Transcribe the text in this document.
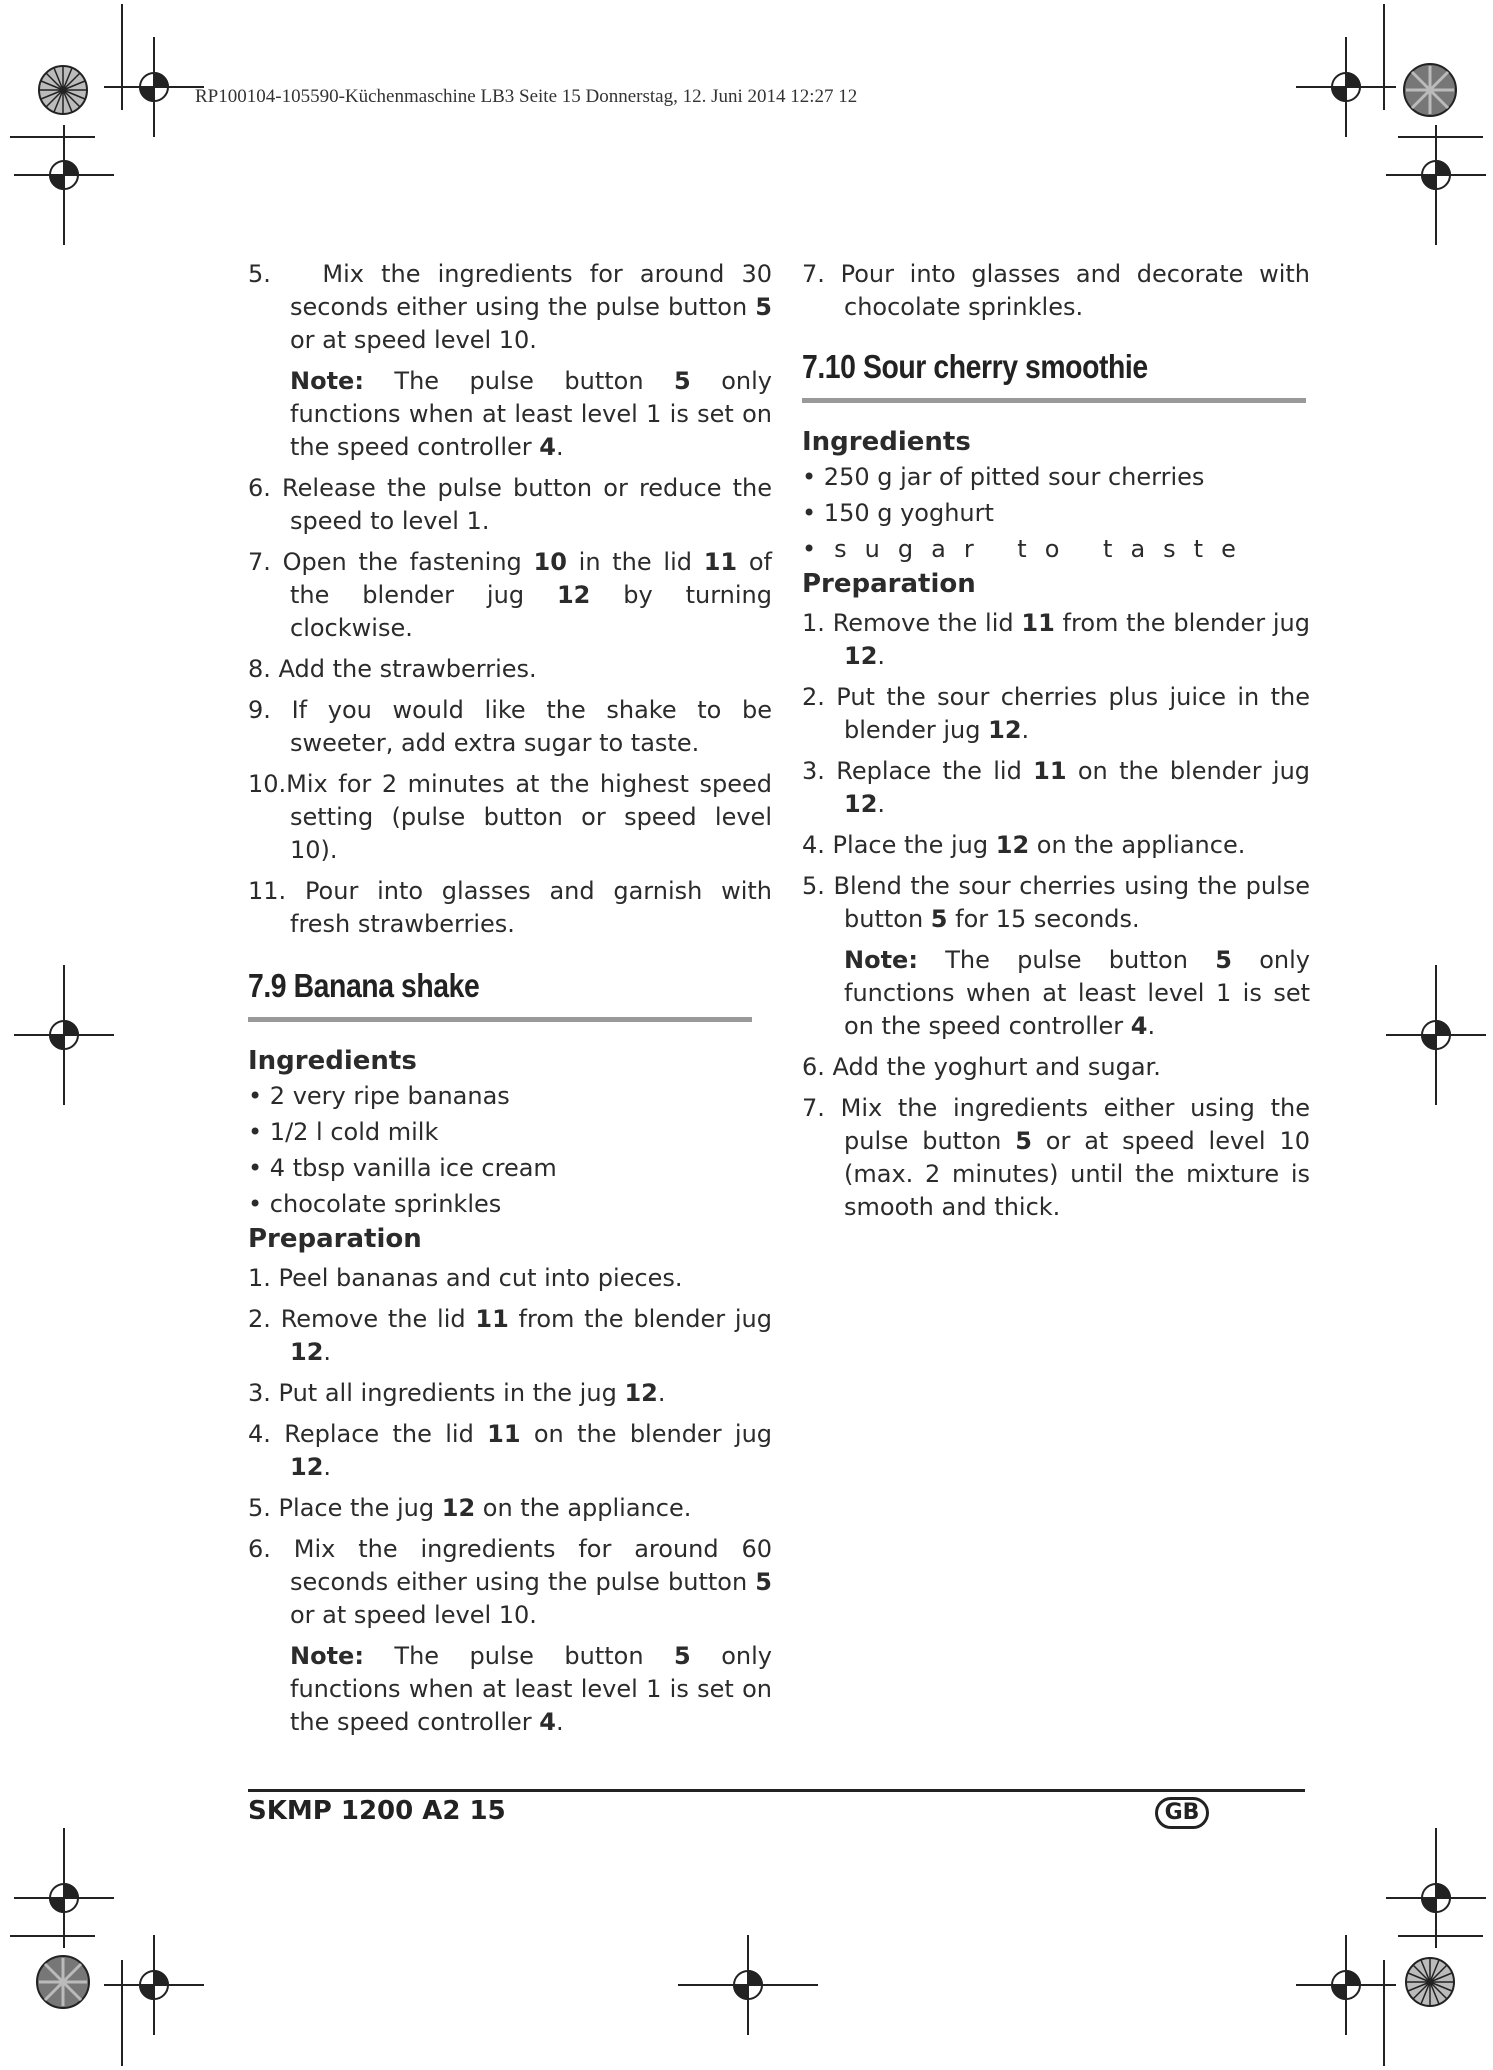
RP100104-105590-Küchenmaschine LB3 Seite 15 Donnerstag, 12. Juni 2014 12:27 12

5. Mix the ingredients for around 30 seconds either using the pulse button 5 or at speed level 10.

Note: The pulse button 5 only functions when at least level 1 is set on the speed controller 4.

6. Release the pulse button or reduce the speed to level 1.

7. Open the fastening 10 in the lid 11 of the blender jug 12 by turning clockwise.

8. Add the strawberries.

9. If you would like the shake to be sweeter, add extra sugar to taste.

10.Mix for 2 minutes at the highest speed setting (pulse button or speed level 10).

11. Pour into glasses and garnish with fresh strawberries.

7.9 Banana shake

Ingredients

• 2 very ripe bananas

• 1/2 l cold milk

• 4 tbsp vanilla ice cream

• chocolate sprinkles

Preparation

1. Peel bananas and cut into pieces.

2. Remove the lid 11 from the blender jug 12.

3. Put all ingredients in the jug 12.

4. Replace the lid 11 on the blender jug 12.

5. Place the jug 12 on the appliance.

6. Mix the ingredients for around 60 seconds either using the pulse button 5 or at speed level 10.

Note: The pulse button 5 only functions when at least level 1 is set on the speed controller 4.

7. Pour into glasses and decorate with chocolate sprinkles.

7.10 Sour cherry smoothie

Ingredients

• 250 g jar of pitted sour cherries

• 150 g yoghurt

•sugar to taste

Preparation

1. Remove the lid 11 from the blender jug 12.

2. Put the sour cherries plus juice in the blender jug 12.

3. Replace the lid 11 on the blender jug 12.

4. Place the jug 12 on the appliance.

5. Blend the sour cherries using the pulse button 5 for 15 seconds.

Note: The pulse button 5 only functions when at least level 1 is set on the speed controller 4.

6. Add the yoghurt and sugar.

7. Mix the ingredients either using the pulse button 5 or at speed level 10 (max. 2 minutes) until the mixture is smooth and thick.

SKMP 1200 A2 15	GB
